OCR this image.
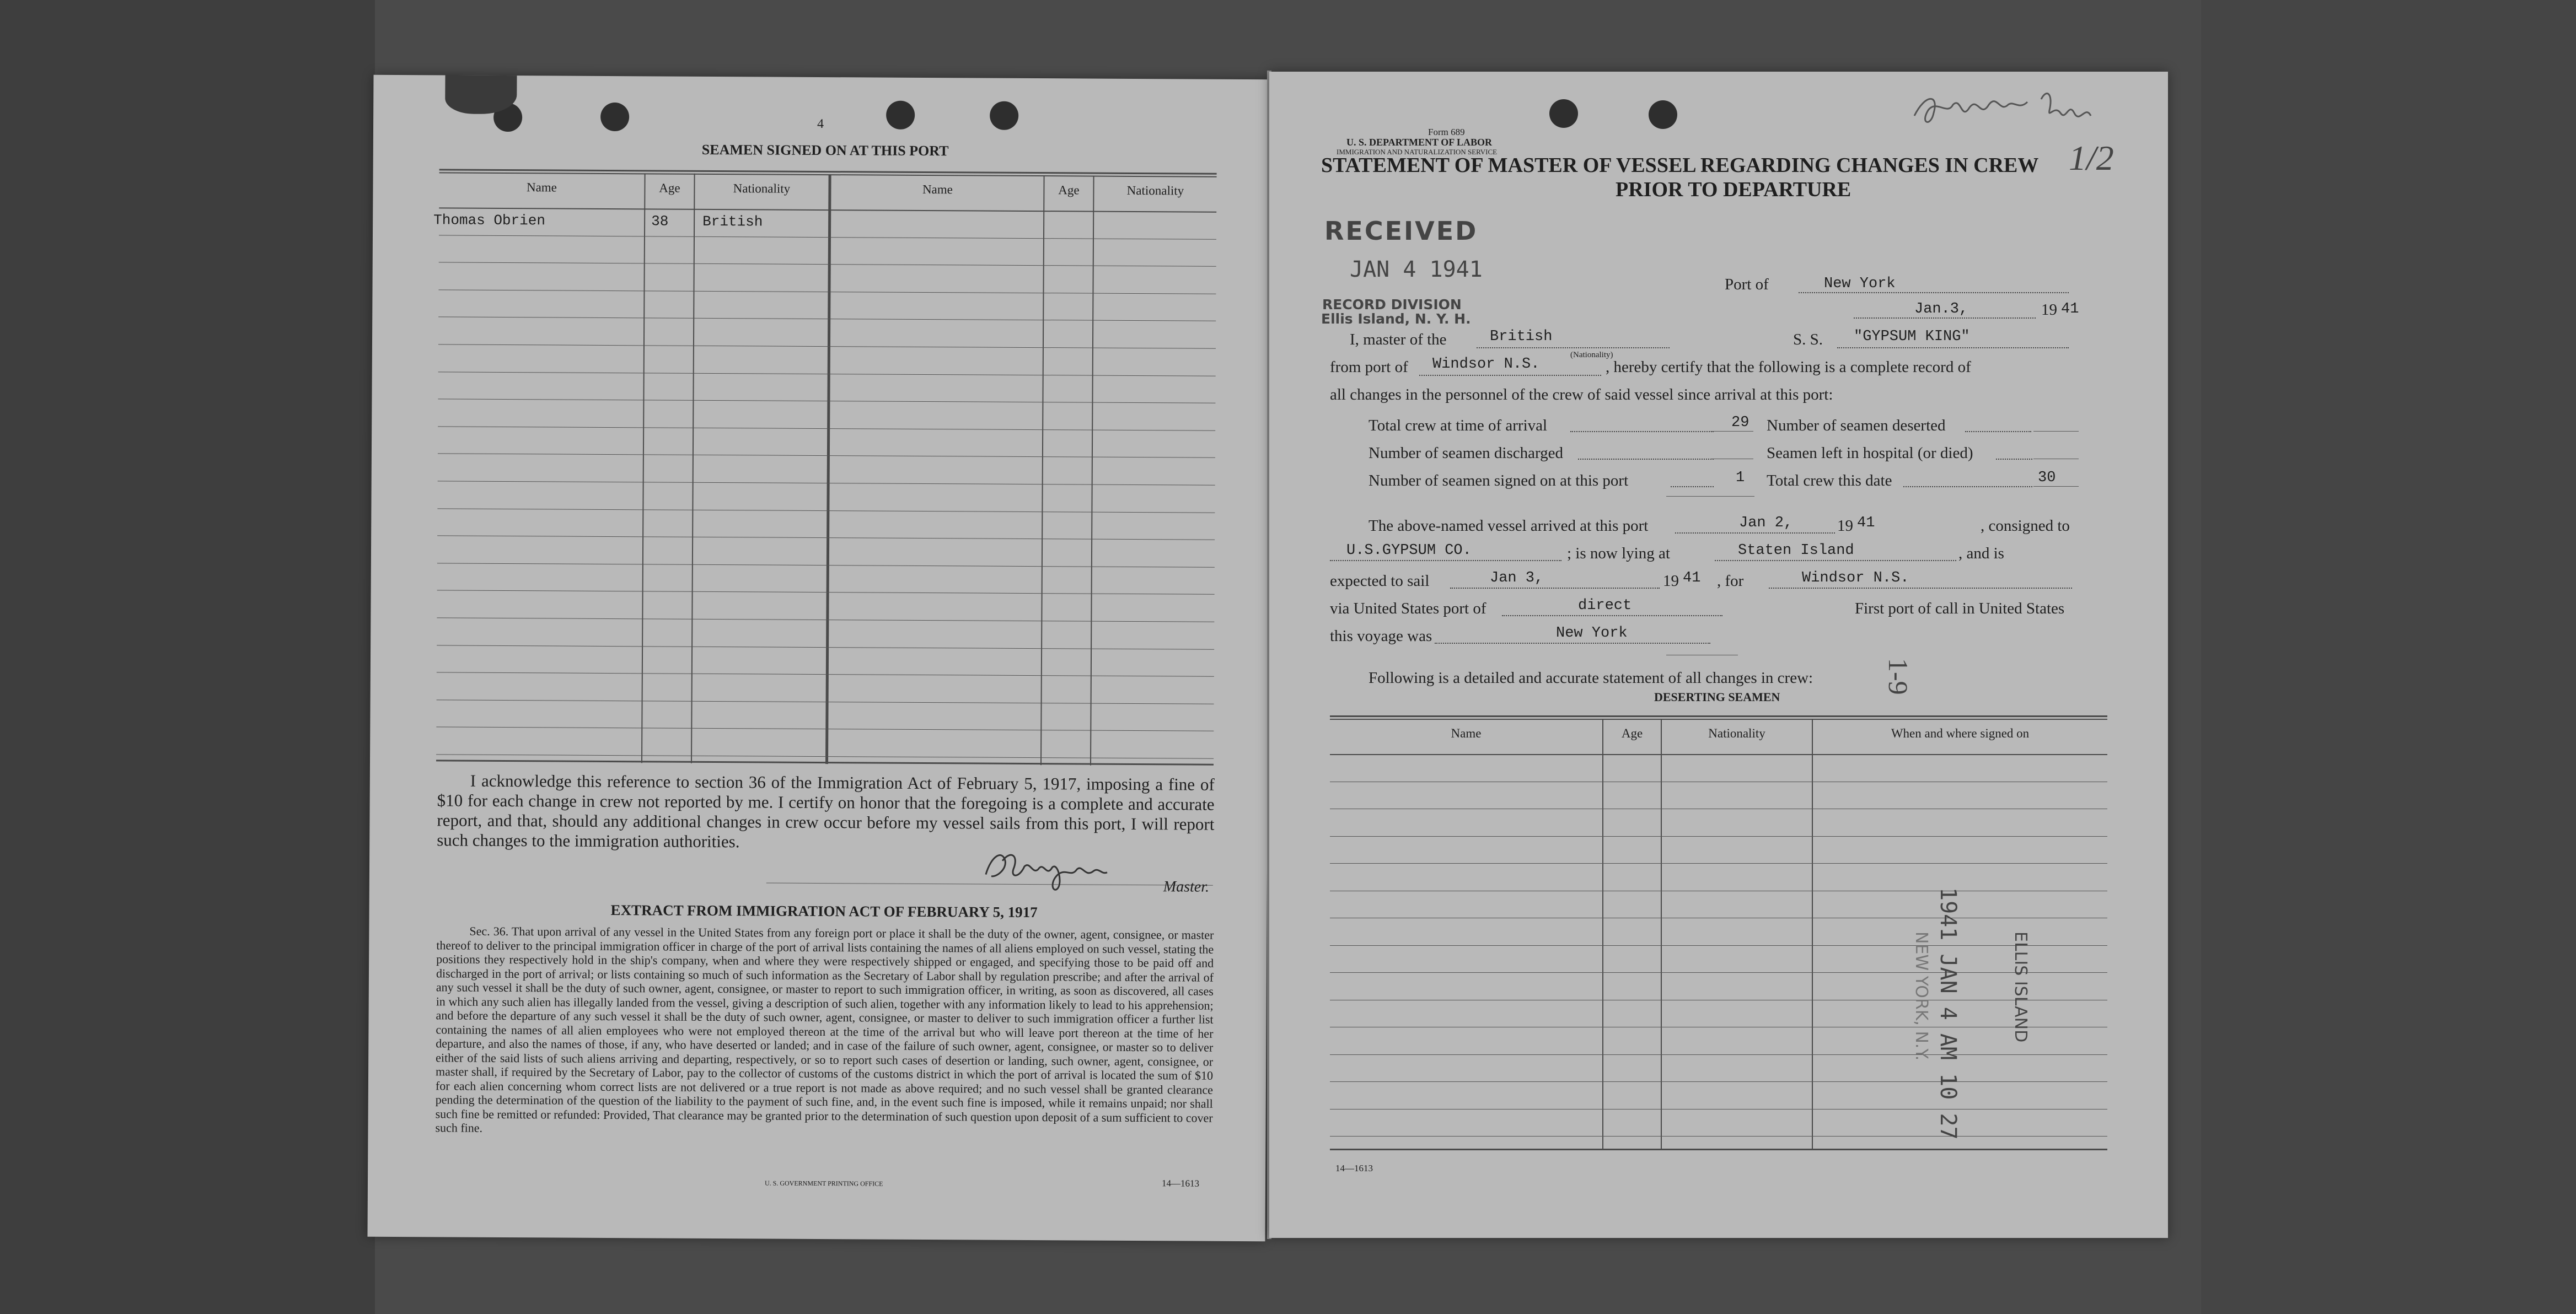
4
SEAMEN SIGNED ON AT THIS PORT
Name	Age	Nationality	Name	Age	Nationality
Thomas Obrien	38 British
I acknowledge this reference to section 36 of the Immigration Act of February 5, 1917, imposing a fine of $10 for each change in crew not reported by me. I certify on honor that the foregoing is a complete and accurate report, and that, should any additional changes in crew occur before my vessel sails from this port, I will report such changes to the immigration authorities.
Master.
EXTRACT FROM IMMIGRATION ACT OF FEBRUARY 5, 1917
Sec. 36. That upon arrival of any vessel in the United States from any foreign port or place it shall be the duty of the owner, agent, consignee, or master thereof to deliver to the principal immigration officer in charge of the port of arrival lists containing the names of all aliens employed on such vessel, stating the positions they respectively hold in the ship's company, when and where they were respectively shipped or engaged, and specifying those to be paid off and discharged in the port of arrival; or lists containing so much of such information as the Secretary of Labor shall by regulation prescribe; and after the arrival of any such vessel it shall be the duty of such owner, agent, consignee, or master to report to such immigration officer, in writing, as soon as discovered, all cases in which any such alien has illegally landed from the vessel, giving a description of such alien, together with any information likely to lead to his apprehension; and before the departure of any such vessel it shall be the duty of such owner, agent, consignee, or master to deliver to such immigration officer a further list containing the names of all alien employees who were not employed thereon at the time of the arrival but who will leave port thereon at the time of her departure, and also the names of those, if any, who have deserted or landed; and in case of the failure of such owner, agent, consignee, or master so to deliver either of the said lists of such aliens arriving and departing, respectively, or so to report such cases of desertion or landing, such owner, agent, consignee, or master shall, if required by the Secretary of Labor, pay to the collector of customs of the customs district in which the port of arrival is located the sum of $10 for each alien concerning whom correct lists are not delivered or a true report is not made as above required; and no such vessel shall be granted clearance pending the determination of the question of the liability to the payment of such fine, and, in the event such fine is imposed, while it remains unpaid; nor shall such fine be remitted or refunded: Provided, That clearance may be granted prior to the determination of such question upon deposit of a sum sufficient to cover such fine.
U. S. GOVERNMENT PRINTING OFFICE	14—1613
Form 689
U. S. DEPARTMENT OF LABOR
IMMIGRATION AND NATURALIZATION SERVICE	1/2
STATEMENT OF MASTER OF VESSEL REGARDING CHANGES IN CREW
PRIOR TO DEPARTURE
RECEIVED
JAN 4 1941
RECORD DIVISION
Ellis Island, N. Y. H.
Port of	New York
Jan.3,	19 41
I, master of the	British
(Nationality)
S. S. "GYPSUM KING"
from port of Windsor N.S.	, hereby certify that the following is a complete record of
all changes in the personnel of the crew of said vessel since arrival at this port:
Total crew at time of arrival	29 Number of seamen deserted
Number of seamen discharged	Seamen left in hospital (or died)
Number of seamen signed on at this port	1 Total crew this date	30
The above-named vessel arrived at this port	Jan 2,	19 41	, consigned to
U.S.GYPSUM CO.	; is now lying at	Staten Island	, and is
expected to sail	Jan 3,	19 41 , for	Windsor N.S.
via United States port of	direct	First port of call in United States
this voyage was	New York
Following is a detailed and accurate statement of all changes in crew:	1-9
DESERTING SEAMEN
Name	Age	Nationality	When and where signed on
1941 JAN 4 AM 10 27	ELLIS ISLAND
NEW YORK, N.Y.
14—1613
